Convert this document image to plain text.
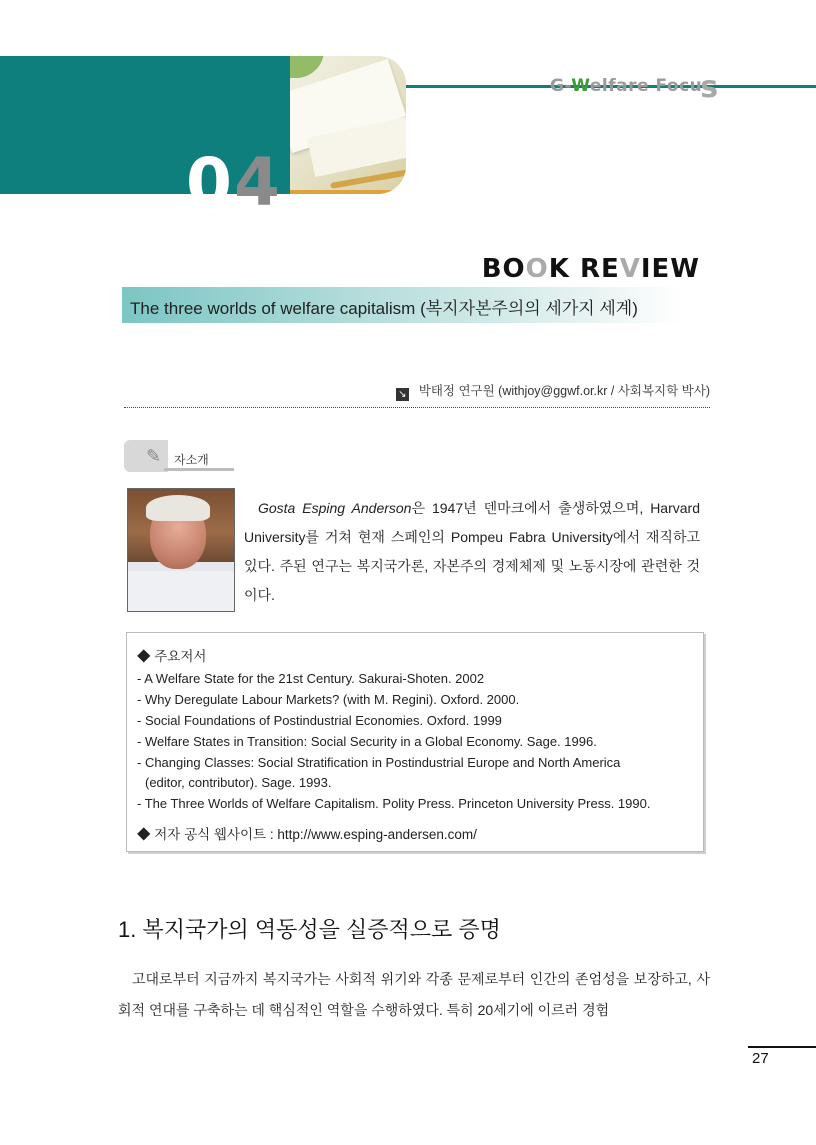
04
G-Welfare Focus
BOOK REVIEW
The three worlds of welfare capitalism (복지자본주의의 세가지 세계)
↘ 박태정 연구원 (withjoy@ggwf.or.kr / 사회복지학 박사)
✎ 자소개
Gosta Esping Anderson은 1947년 덴마크에서 출생하였으며, Harvard University를 거쳐 현재 스페인의 Pompeu Fabra University에서 재직하고 있다. 주된 연구는 복지국가론, 자본주의 경제체제 및 노동시장에 관련한 것이다.
◆ 주요저서
- A Welfare State for the 21st Century. Sakurai-Shoten. 2002
- Why Deregulate Labour Markets? (with M. Regini). Oxford. 2000.
- Social Foundations of Postindustrial Economies. Oxford. 1999
- Welfare States in Transition: Social Security in a Global Economy. Sage. 1996.
- Changing Classes: Social Stratification in Postindustrial Europe and North America
(editor, contributor). Sage. 1993.
- The Three Worlds of Welfare Capitalism. Polity Press. Princeton University Press. 1990.
◆ 저자 공식 웹사이트 : http://www.esping-andersen.com/
1. 복지국가의 역동성을 실증적으로 증명
고대로부터 지금까지 복지국가는 사회적 위기와 각종 문제로부터 인간의 존엄성을 보장하고, 사회적 연대를 구축하는 데 핵심적인 역할을 수행하였다. 특히 20세기에 이르러 경험
27
